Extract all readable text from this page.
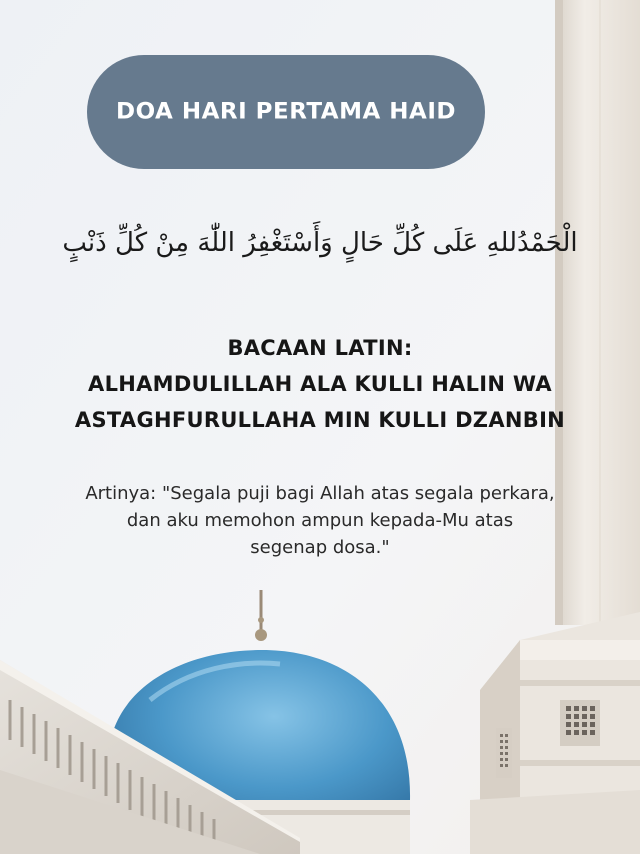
DOA HARI PERTAMA HAID
الْحَمْدُللهِ عَلَى كُلِّ حَالٍ وَأَسْتَغْفِرُ اللّٰهَ مِنْ كُلِّ ذَنْبٍ
BACAAN LATIN:
ALHAMDULILLAH ALA KULLI HALIN WA
ASTAGHFURULLAHA MIN KULLI DZANBIN
Artinya: "Segala puji bagi Allah atas segala perkara,
dan aku memohon ampun kepada-Mu atas
segenap dosa."
